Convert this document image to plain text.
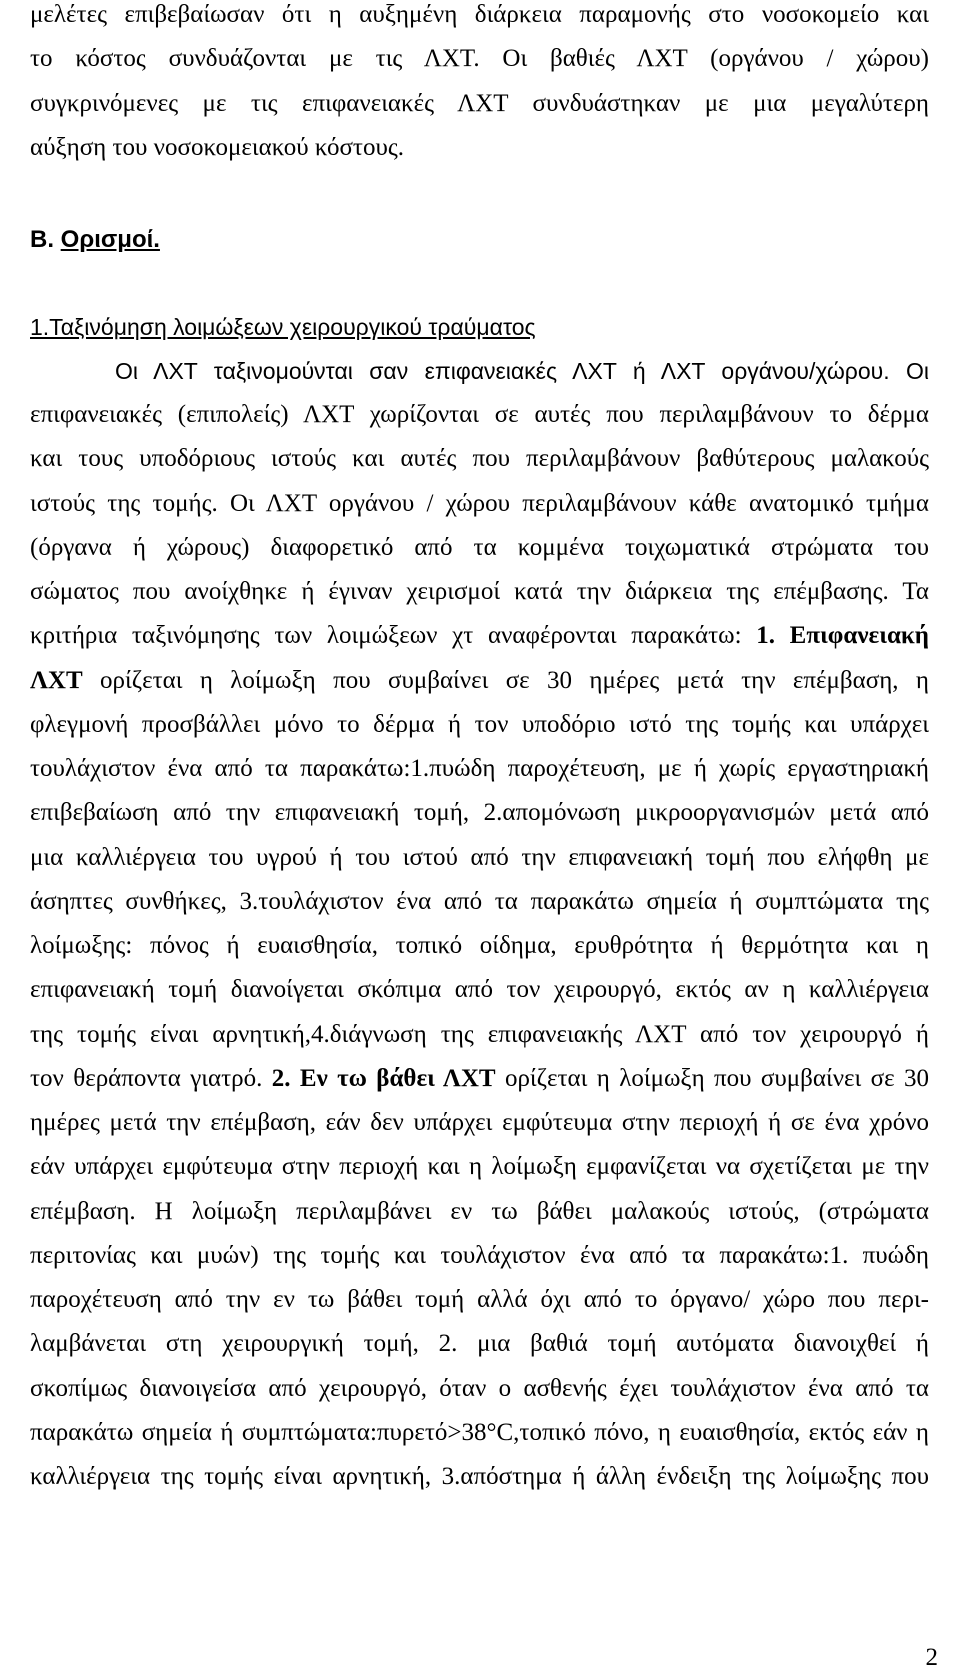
μελέτες επιβεβαίωσαν ότι η αυξημένη διάρκεια παραμονής στο νοσοκομείο και
το κόστος συνδυάζονται με τις ΛΧΤ. Οι βαθιές ΛΧΤ (οργάνου / χώρου)
συγκρινόμενες με τις επιφανειακές ΛΧΤ συνδυάστηκαν με μια μεγαλύτερη
αύξηση του νοσοκομειακού κόστους.
B. Ορισμοί.
1.Ταξινόμηση λοιμώξεων χειρουργικού τραύματος
Οι ΛΧΤ ταξινομούνται σαν επιφανειακές ΛΧΤ ή ΛΧΤ οργάνου/χώρου. Οι
επιφανειακές (επιπολείς) ΛΧΤ χωρίζονται σε αυτές που περιλαμβάνουν το δέρμα
και τους υποδόριους ιστούς και αυτές που περιλαμβάνουν βαθύτερους μαλακούς
ιστούς της τομής. Οι ΛΧΤ οργάνου / χώρου περιλαμβάνουν κάθε ανατομικό τμήμα
(όργανα ή χώρους) διαφορετικό από τα κομμένα τοιχωματικά στρώματα του
σώματος που ανοίχθηκε ή έγιναν χειρισμοί κατά την διάρκεια της επέμβασης. Τα
κριτήρια ταξινόμησης των λοιμώξεων χτ αναφέρονται παρακάτω: 1. Επιφανειακή
ΛΧΤ ορίζεται η λοίμωξη που συμβαίνει σε 30 ημέρες μετά την επέμβαση, η
φλεγμονή προσβάλλει μόνο το δέρμα ή τον υποδόριο ιστό της τομής και υπάρχει
τουλάχιστον ένα από τα παρακάτω:1.πυώδη παροχέτευση, με ή χωρίς εργαστηριακή
επιβεβαίωση από την επιφανειακή τομή, 2.απομόνωση μικροοργανισμών μετά από
μια καλλιέργεια του υγρού ή του ιστού από την επιφανειακή τομή που ελήφθη με
άσηπτες συνθήκες, 3.τουλάχιστον ένα από τα παρακάτω σημεία ή συμπτώματα της
λοίμωξης: πόνος ή ευαισθησία, τοπικό οίδημα, ερυθρότητα ή θερμότητα και η
επιφανειακή τομή διανοίγεται σκόπιμα από τον χειρουργό, εκτός αν η καλλιέργεια
της τομής είναι αρνητική,4.διάγνωση της επιφανειακής ΛΧΤ από τον χειρουργό ή
τον θεράποντα γιατρό. 2. Εν τω βάθει ΛΧΤ ορίζεται η λοίμωξη που συμβαίνει σε 30
ημέρες μετά την επέμβαση, εάν δεν υπάρχει εμφύτευμα στην περιοχή ή σε ένα χρόνο
εάν υπάρχει εμφύτευμα στην περιοχή και η λοίμωξη εμφανίζεται να σχετίζεται με την
επέμβαση. Η λοίμωξη περιλαμβάνει εν τω βάθει μαλακούς ιστούς, (στρώματα
περιτονίας και μυών) της τομής και τουλάχιστον ένα από τα παρακάτω:1. πυώδη
παροχέτευση από την εν τω βάθει τομή αλλά όχι από το όργανο/ χώρο που περι-
λαμβάνεται στη χειρουργική τομή, 2. μια βαθιά τομή αυτόματα διανοιχθεί ή
σκοπίμως διανοιγείσα από χειρουργό, όταν ο ασθενής έχει τουλάχιστον ένα από τα
παρακάτω σημεία ή συμπτώματα:πυρετό>38°C,τοπικό πόνο, η ευαισθησία, εκτός εάν η
καλλιέργεια της τομής είναι αρνητική, 3.απόστημα ή άλλη ένδειξη της λοίμωξης που
2
